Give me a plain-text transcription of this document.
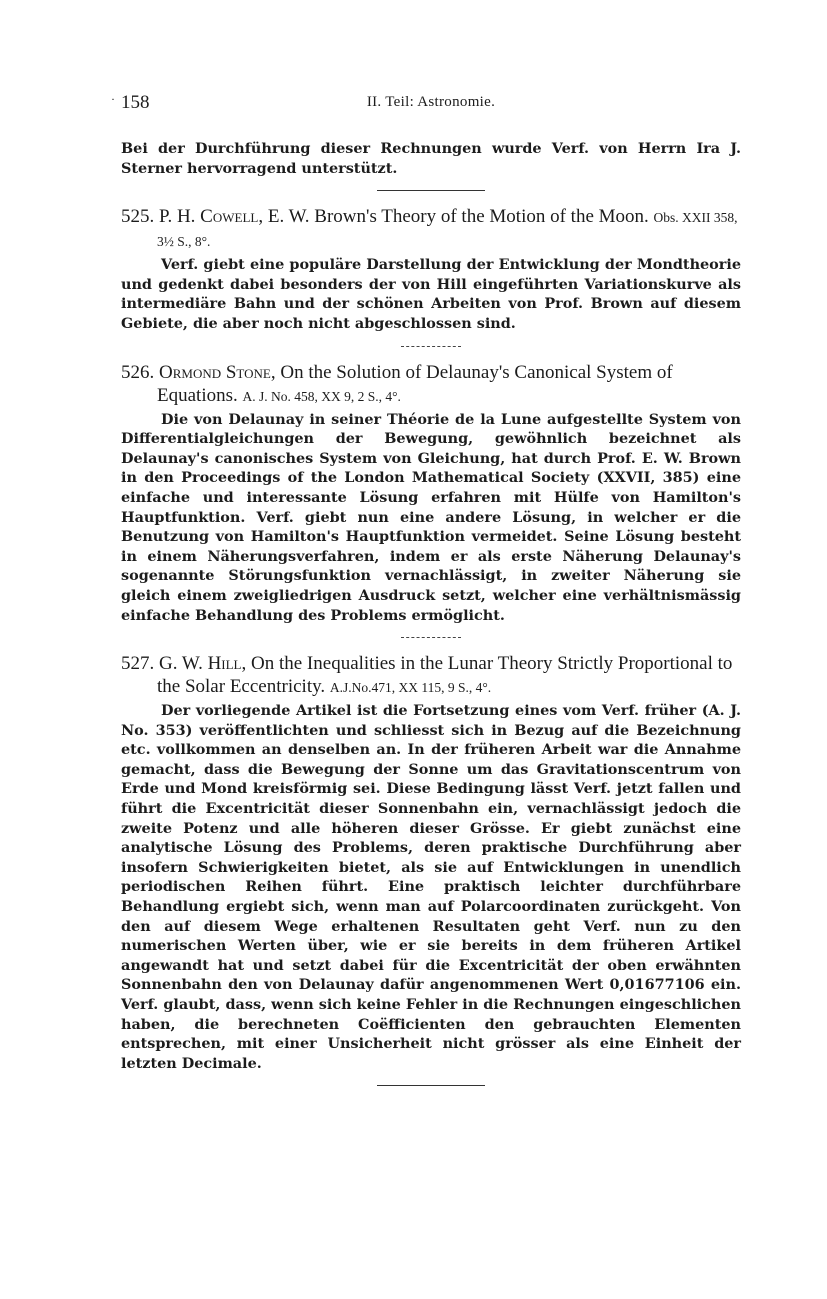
· 158	II. Teil: Astronomie.

Bei der Durchführung dieser Rechnungen wurde Verf. von Herrn Ira J. Sterner hervorragend unterstützt.

525. P. H. Cowell, E. W. Brown's Theory of the Motion of the Moon. Obs. XXII 358, 3½ S., 8°.

Verf. giebt eine populäre Darstellung der Entwicklung der Mondtheorie und gedenkt dabei besonders der von Hill eingeführten Variationskurve als intermediäre Bahn und der schönen Arbeiten von Prof. Brown auf diesem Gebiete, die aber noch nicht abgeschlossen sind.

526. Ormond Stone, On the Solution of Delaunay's Canonical System of Equations. A. J. No. 458, XX 9, 2 S., 4°.

Die von Delaunay in seiner Théorie de la Lune aufgestellte System von Differentialgleichungen der Bewegung, gewöhnlich bezeichnet als Delaunay's canonisches System von Gleichung, hat durch Prof. E. W. Brown in den Proceedings of the London Mathematical Society (XXVII, 385) eine einfache und interessante Lösung erfahren mit Hülfe von Hamilton's Hauptfunktion. Verf. giebt nun eine andere Lösung, in welcher er die Benutzung von Hamilton's Hauptfunktion vermeidet. Seine Lösung besteht in einem Näherungsverfahren, indem er als erste Näherung Delaunay's sogenannte Störungsfunktion vernachlässigt, in zweiter Näherung sie gleich einem zweigliedrigen Ausdruck setzt, welcher eine verhältnismässig einfache Behandlung des Problems ermöglicht.

527. G. W. Hill, On the Inequalities in the Lunar Theory Strictly Proportional to the Solar Eccentricity. A.J.No.471, XX 115, 9 S., 4°.

Der vorliegende Artikel ist die Fortsetzung eines vom Verf. früher (A. J. No. 353) veröffentlichten und schliesst sich in Bezug auf die Bezeichnung etc. vollkommen an denselben an. In der früheren Arbeit war die Annahme gemacht, dass die Bewegung der Sonne um das Gravitationscentrum von Erde und Mond kreisförmig sei. Diese Bedingung lässt Verf. jetzt fallen und führt die Excentricität dieser Sonnenbahn ein, vernachlässigt jedoch die zweite Potenz und alle höheren dieser Grösse. Er giebt zunächst eine analytische Lösung des Problems, deren praktische Durchführung aber insofern Schwierigkeiten bietet, als sie auf Entwicklungen in unendlich periodischen Reihen führt. Eine praktisch leichter durchführbare Behandlung ergiebt sich, wenn man auf Polarcoordinaten zurückgeht. Von den auf diesem Wege erhaltenen Resultaten geht Verf. nun zu den numerischen Werten über, wie er sie bereits in dem früheren Artikel angewandt hat und setzt dabei für die Excentricität der oben erwähnten Sonnenbahn den von Delaunay dafür angenommenen Wert 0,01677106 ein. Verf. glaubt, dass, wenn sich keine Fehler in die Rechnungen eingeschlichen haben, die berechneten Coëfficienten den gebrauchten Elementen entsprechen, mit einer Unsicherheit nicht grösser als eine Einheit der letzten Decimale.
